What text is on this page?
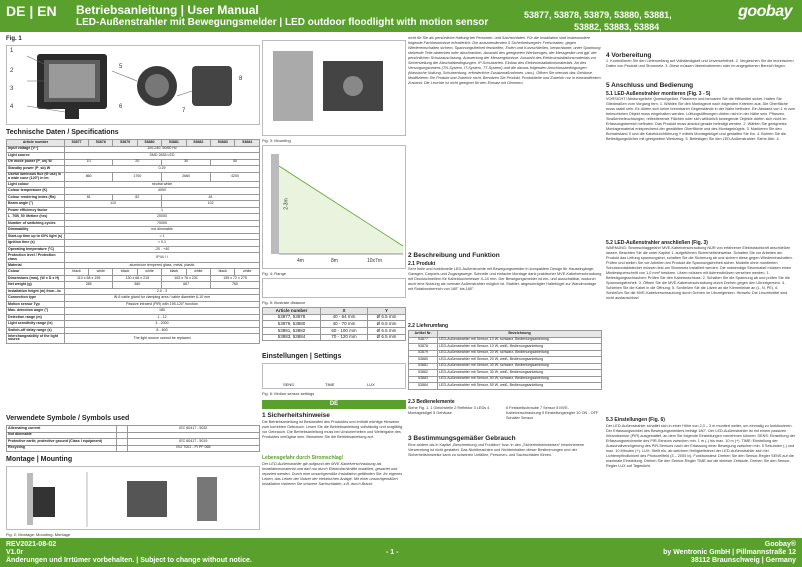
DE | EN Betriebsanleitung | User Manual
LED-Außenstrahler mit Bewegungsmelder | LED outdoor floodlight with motion sensor
53877, 53878, 53879, 53880, 53881,
53882, 53883, 53884
goobay
Fig. 1
1
2
3
4
5
6
7
8
Technische Daten / Specifications
Article number	53877	53878	53879	53880	53881	53882	53883	53884
Input voltage [V~]	100-240, 50/60 Hz							
Light source	SMD 2835 LED							
On mode power (P_on) W	10		20		30		50	
Standby power (P_sb) W	0.29							
Useful luminous flux (Φ use) in a wide cone (120°) in lm	860		1700		2660		4200	
Light colour	neutral white							
Colour temperature (K)	4000							
Colour rendering index (Ra)	81		82		81			
Beam angle (°)	110				102			
Power efficiency factor	1							
L_70B_50 lifetime (hrs)	20000							
Number of switching cycles	70000							
Dimmability	not dimmable							
Start-up time up to 60% light (s)	< 1							
Ignition time (s)	< 0.1							
Operating temperature (°C)	-20 - +40							
Protection level / Protection class	IP44 / I							
Material	aluminium tempered glass, metal, plastic							
Colour	black	white	black	white	black	white	black	white
Dimensions (mm), (W x D x H)	110 x 68 x 195		130 x 68 x 215		163 x 76 x 231		195 x 72 x 275	
Net weight (g)	285		380		667		760	
Installation height (m) from...to	2.0 - 3							
Connection type	IN 6 cable gland for clamping area / cable diameter 6-10 mm							
Motion sensor Typ	Passive infrared (PIR) with 195-120° function							
Max. detection angle (°)	180							
Detection range (m)	1 - 12							
Light sensitivity range (lx)	3 - 2000							
Switch-off delay range (s)	8 - 600							
Interchangeability of the light source	The light source cannot be replaced							
Verwendete Symbole / Symbols used
Alternating current		IEC 60417 - 5032
Not dimmable		
Protective earth; protective ground (Class I equipment)		IEC 60417 - 5019
Recycling		ISO 7001 - PI PF 066
Montage | Mounting
Fig. 2: Montage: Mounting: Montage
Fig. 3: Mounting
2-3m
4m	8m	10x7m
Fig. 4: Range
Fig. 5: Illustrate distance
Article number	X	Y
53877, 53878	40 - 64 mm	Ø 6.5 mm
53879, 53880	40 - 70 mm	Ø 6.5 mm
53881, 53882	60 - 100 mm	Ø 6.5 mm
53883, 53884	70 - 120 mm	Ø 6.5 mm
Einstellungen | Settings
SENS	TIME	LUX
Fig. 6: Motion sensor settings
DE
1 Sicherheitshinweise
Die Betriebsanleitung ist Bestandteil des Produktes und enthält wichtige Hinweise zum korrekten Gebrauch. Lesen Sie die Betriebsanleitung vollständig und sorgfältig vor Gebrauch. Die Betriebsanleitung muss bei Unsicherheiten und Weitergabe des Produktes verfügbar sein. Bewahren Sie die Betriebsanleitung auf.
Lebensgefahr durch Stromschlag!
Der LED-Außenstrahler gilt aufgrund der MVE-Kabelverschraubung als Installationsmaterial und darf nur durch Elektrofachkräfte installiert, gewartet und repariert werden. Durch eine unsachgemäße Installation gefährden Sie: Ihr eigenes Leben, das Leben der Nutzer der elektrischen Anlage. Mit einer unsachgemäßen Installation riskieren Sie schwere Sachschäden, z.B. durch Brand.
nicht für Sie als persönliche Haftung bei Personen- und Sachschäden. Für die Installation sind insbesondere folgende Fachkenntnisse erforderlich: Die anzuwendenden 5 Sicherheitsregeln: Freischalten, gegen Wiedereinschalten sichern, Spannungsfreiheit feststellen, Erden und Kurzschließen, benachbarte, unter Spannung stehende Teile abdecken oder abschranken. Auswahl des geeigneten Werkzeuges, der Messgeräte und ggf. der persönlichen Schutzausrüstung. Auswertung der Messergebnisse. Auswahl des Elektroinstallationsmaterials zur Sicherstellung der Abschaltbedingungen. IP-Schutzarten. Einbau des Elektroinstallationsmaterials. Art des Versorgungsnetzes (TN-System, IT-System, TT-System) und die daraus folgenden Anschlussbedingungen (klassische Nullung, Schutzerdung, erforderliche Zusatzmaßnahmen, usw.). Öffnen Sie niemals das Gehäuse. Modifizieren Sie Produkt und Zubehör nicht. Benutzen Sie Produkt, Produktteile und Zubehör nur in einwandfreiem Zustand. Die Leuchte ist nicht geeignet für den Einsatz mit Dimmern.
2 Beschreibung und Funktion
2.1 Produkt
Sehr helle und funktionelle LED-Außenleuchte mit Bewegungsmelder in kompaktem Design für Hauseingänge, Garagen, Carports und Zugangswege. Schnelle und einfache Montage dank praktischer MVE-Kabelverschraubung mit Druckschnellern für Kabeldurchmesser 4–10 mm. Der Bewegungsmelder ist ein- und ausschaltbar, wodurch auch eine Nutzung als normale Außenstrahler möglich ist. Stabiler, abgeschrägter Haltebügel zur Wandmontage mit Rotationsbereich von 180° bis 180°.
2.2 Lieferumfang
Artikel Nr.	Bezeichnung
53877	LED-Außenstrahler mit Sensor, 10 W, schwarz, Bedienungsanleitung
53878	LED-Außenstrahler mit Sensor, 10 W, weiß, Bedienungsanleitung
53879	LED-Außenstrahler mit Sensor, 20 W, schwarz, Bedienungsanleitung
53880	LED-Außenstrahler mit Sensor, 20 W, weiß, Bedienungsanleitung
53881	LED-Außenstrahler mit Sensor, 30 W, schwarz, Bedienungsanleitung
53882	LED-Außenstrahler mit Sensor, 30 W, weiß, Bedienungsanleitung
53883	LED-Außenstrahler mit Sensor, 50 W, schwarz, Bedienungsanleitung
53884	LED-Außenstrahler mit Sensor, 50 W, weiß, Bedienungsanleitung
2.3 Bedienelemente
Siehe Fig. 1. 1 Gleichstelle 2 Reflektor 3 LEDs 4 Montagebügel 5 Gehäuse
6 Feststellschraube 7 Sensor 8 MVE-Kabelverschraubung 9 Einstellungsregler 10 ON - OFF Schalter Sensor
3 Bestimmungsgemäßer Gebrauch
Eine andere als in Kapitel „Beschreibung und Funktion“ bzw. in den „Sicherheitshinweisen“ beschriebene Verwendung ist nicht gestattet. Das Nichtbeachten und Nichteinhalten dieser Bestimmungen und der Sicherheitshinweise kann zu schweren Unfällen, Personen- und Sachschäden führen.
4 Vorbereitung
1. Kontrollieren Sie den Lieferumfang auf Vollständigkeit und Unversehrtheit. 2. Vergleichen Sie die technischen Daten von Produkt und Stromnetz. 3. Diese müssen übereinstimmen oder im angegebenen Bereich liegen.
5 Anschluss und Bedienung
5.1 LED-Außenstrahler montieren (Fig. 3 - 5)
VORSICHT! Absturzgefahr! Quetschgefahr. Platzieren und benutzen Sie die Hilfsmittel sicher. Halten Sie Gliedmaßen vom Vorgang fern. 1. Wählen Sie den Montageort nach folgenden Kriterien aus: Die Oberfläche muss stabil sein. Es dürfen sich keine brennbaren Gegenstände in der Nähe befinden. Ein Abstand von 1 m zum beleuchteten Objekt muss eingehalten werden. Lüftungsöffnungen dürfen nicht in der Nähe sein. Pflanzen, Straßenbeleuchtungen, reflektierende Flächen oder sich willkürlich bewegende Objekte dürfen sich nicht im Erfassungsbereich befinden. Das Produkt muss absolut gerade befestigt werden. 2. Wählen Sie geeignetes Montagematerial entsprechend der gewählten Oberfläche und des Montagebügels. 3. Markieren Sie den Bohrabstand X und die Kabeldurchführung Y mittels Montagebügel und gestalten Sie ihn. 4. Bohren Sie die Befestigungslöcher mit geeignetem Werkzeug. 5. Befestigen Sie den LED-Außenstrahler. Siehe Abb. 4.
5.2 LED-Außenstrahler anschließen (Fig. 3)
WARNUNG: Stromschlaggefahr! MVE-Kabelverschraubung NUR von erfahrener Elektrofachkraft anschließen lassen. Beachten Sie die unter Kapitel 1. aufgeführten Sicherheitshinweise. Schalten Sie vor Arbeiten am Produkt das Leitung spannungsfrei, schalten Sie die Sicherung ab und sichern diese gegen Wiedereinschalten. Prüfen und stellen Sie vor Arbeiten am Produkt die Spannungsfreiheit sicher. Modelle ohne montierten Schutzkontaktstecker müssen fest am Stromnetz installiert werden. Die notwendige Stromkabel müssen einen Mindestquerschnitt von 1,0 mm² besitzen. Litzen müssen mit Aderendhülsen versehen werden. 1. Befestigungsschrauben: Prüfen Sie den Kabelanschluss. 2. Schalten Sie die Spannung ab und prüfen Sie die Spannungsfreiheit. 3. Öffnen Sie die MVE-Kabelverschraubung durch Drehen gegen den Uhrzeigersinn. 4. Schieben Sie die Kabel in die Öffnung. 5. Schließen Sie die Litzen an die Klemmleiste an (L, N, PE). 6. Schließen Sie die MVE-Kabelverschraubung durch Drehen im Uhrzeigersinn. Hinweis: Die Leuchtmittel sind nicht austauschbar!
5.3 Einstellungen (Fig. 6)
Der LED-Außenstrahler schaltet sich in einer Höhe von 2,3 – 3 m montiert weiter, um einmalig zu funktionieren. Der Erfassungswinkel des Bewegungsmelders beträgt 180°. Der LED-Außenstrahler ist mit einem passiven Infrarotsensor (PIR) ausgestattet, an dem Sie folgende Einstellungen vornehmen können: SENS: Einstellung der Erfassungsreichweite des PIR-Sensors zwischen min. 1 m (-) bis max. 10 m (+). TIME: Einstellung der Ausschaltverzögerung des PIR-Sensors nach der Erfassung einer Bewegung zwischen min. 5 Sekunden (-) und max. 10 Minuten (+). LUX: Stellt ein, ab welchem Helligkeitslevel der LED-Außenstrahler sich bei Lichtempfindlichkeit des Photozellfeld (3 – 2000 lx). Funktionstest: Drehen Sie den Sensor-Regler SENS auf die maximale Einstellung. Drehen Sie den Sensor-Regler TIME auf die kleinste Zeitstufe. Drehen Sie den Sensor-Regler LUX auf Tageslicht.
REV2021-08-02
V1.0r
Änderungen und Irrtümer vorbehalten. | Subject to change without notice.
- 1 -
Goobay®
by Wentronic GmbH | Pillmannstraße 12
38112 Braunschweig | Germany
